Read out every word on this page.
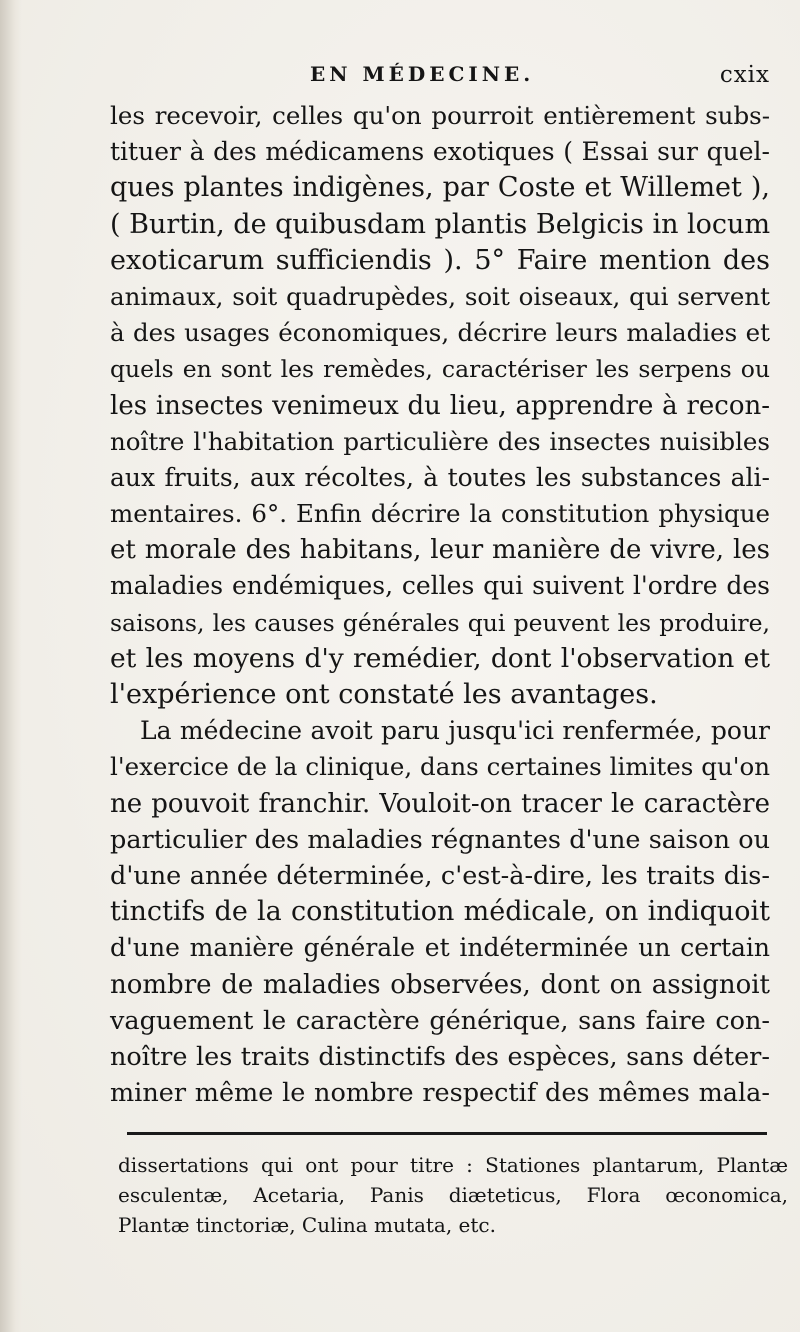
EN MÉDECINE.	cxix
les recevoir, celles qu'on pourroit entièrement subs-
tituer à des médicamens exotiques ( Essai sur quel-
ques plantes indigènes, par Coste et Willemet ),
( Burtin, de quibusdam plantis Belgicis in locum
exoticarum sufficiendis ). 5° Faire mention des
animaux, soit quadrupèdes, soit oiseaux, qui servent
à des usages économiques, décrire leurs maladies et
quels en sont les remèdes, caractériser les serpens ou
les insectes venimeux du lieu, apprendre à recon-
noître l'habitation particulière des insectes nuisibles
aux fruits, aux récoltes, à toutes les substances ali-
mentaires. 6°. Enfin décrire la constitution physique
et morale des habitans, leur manière de vivre, les
maladies endémiques, celles qui suivent l'ordre des
saisons, les causes générales qui peuvent les produire,
et les moyens d'y remédier, dont l'observation et
l'expérience ont constaté les avantages.
La médecine avoit paru jusqu'ici renfermée, pour
l'exercice de la clinique, dans certaines limites qu'on
ne pouvoit franchir. Vouloit-on tracer le caractère
particulier des maladies régnantes d'une saison ou
d'une année déterminée, c'est-à-dire, les traits dis-
tinctifs de la constitution médicale, on indiquoit
d'une manière générale et indéterminée un certain
nombre de maladies observées, dont on assignoit
vaguement le caractère générique, sans faire con-
noître les traits distinctifs des espèces, sans déter-
miner même le nombre respectif des mêmes mala-
dissertations qui ont pour titre : Stationes plantarum, Plantæ
esculentæ, Acetaria, Panis diæteticus, Flora œconomica,
Plantæ tinctoriæ, Culina mutata, etc.
